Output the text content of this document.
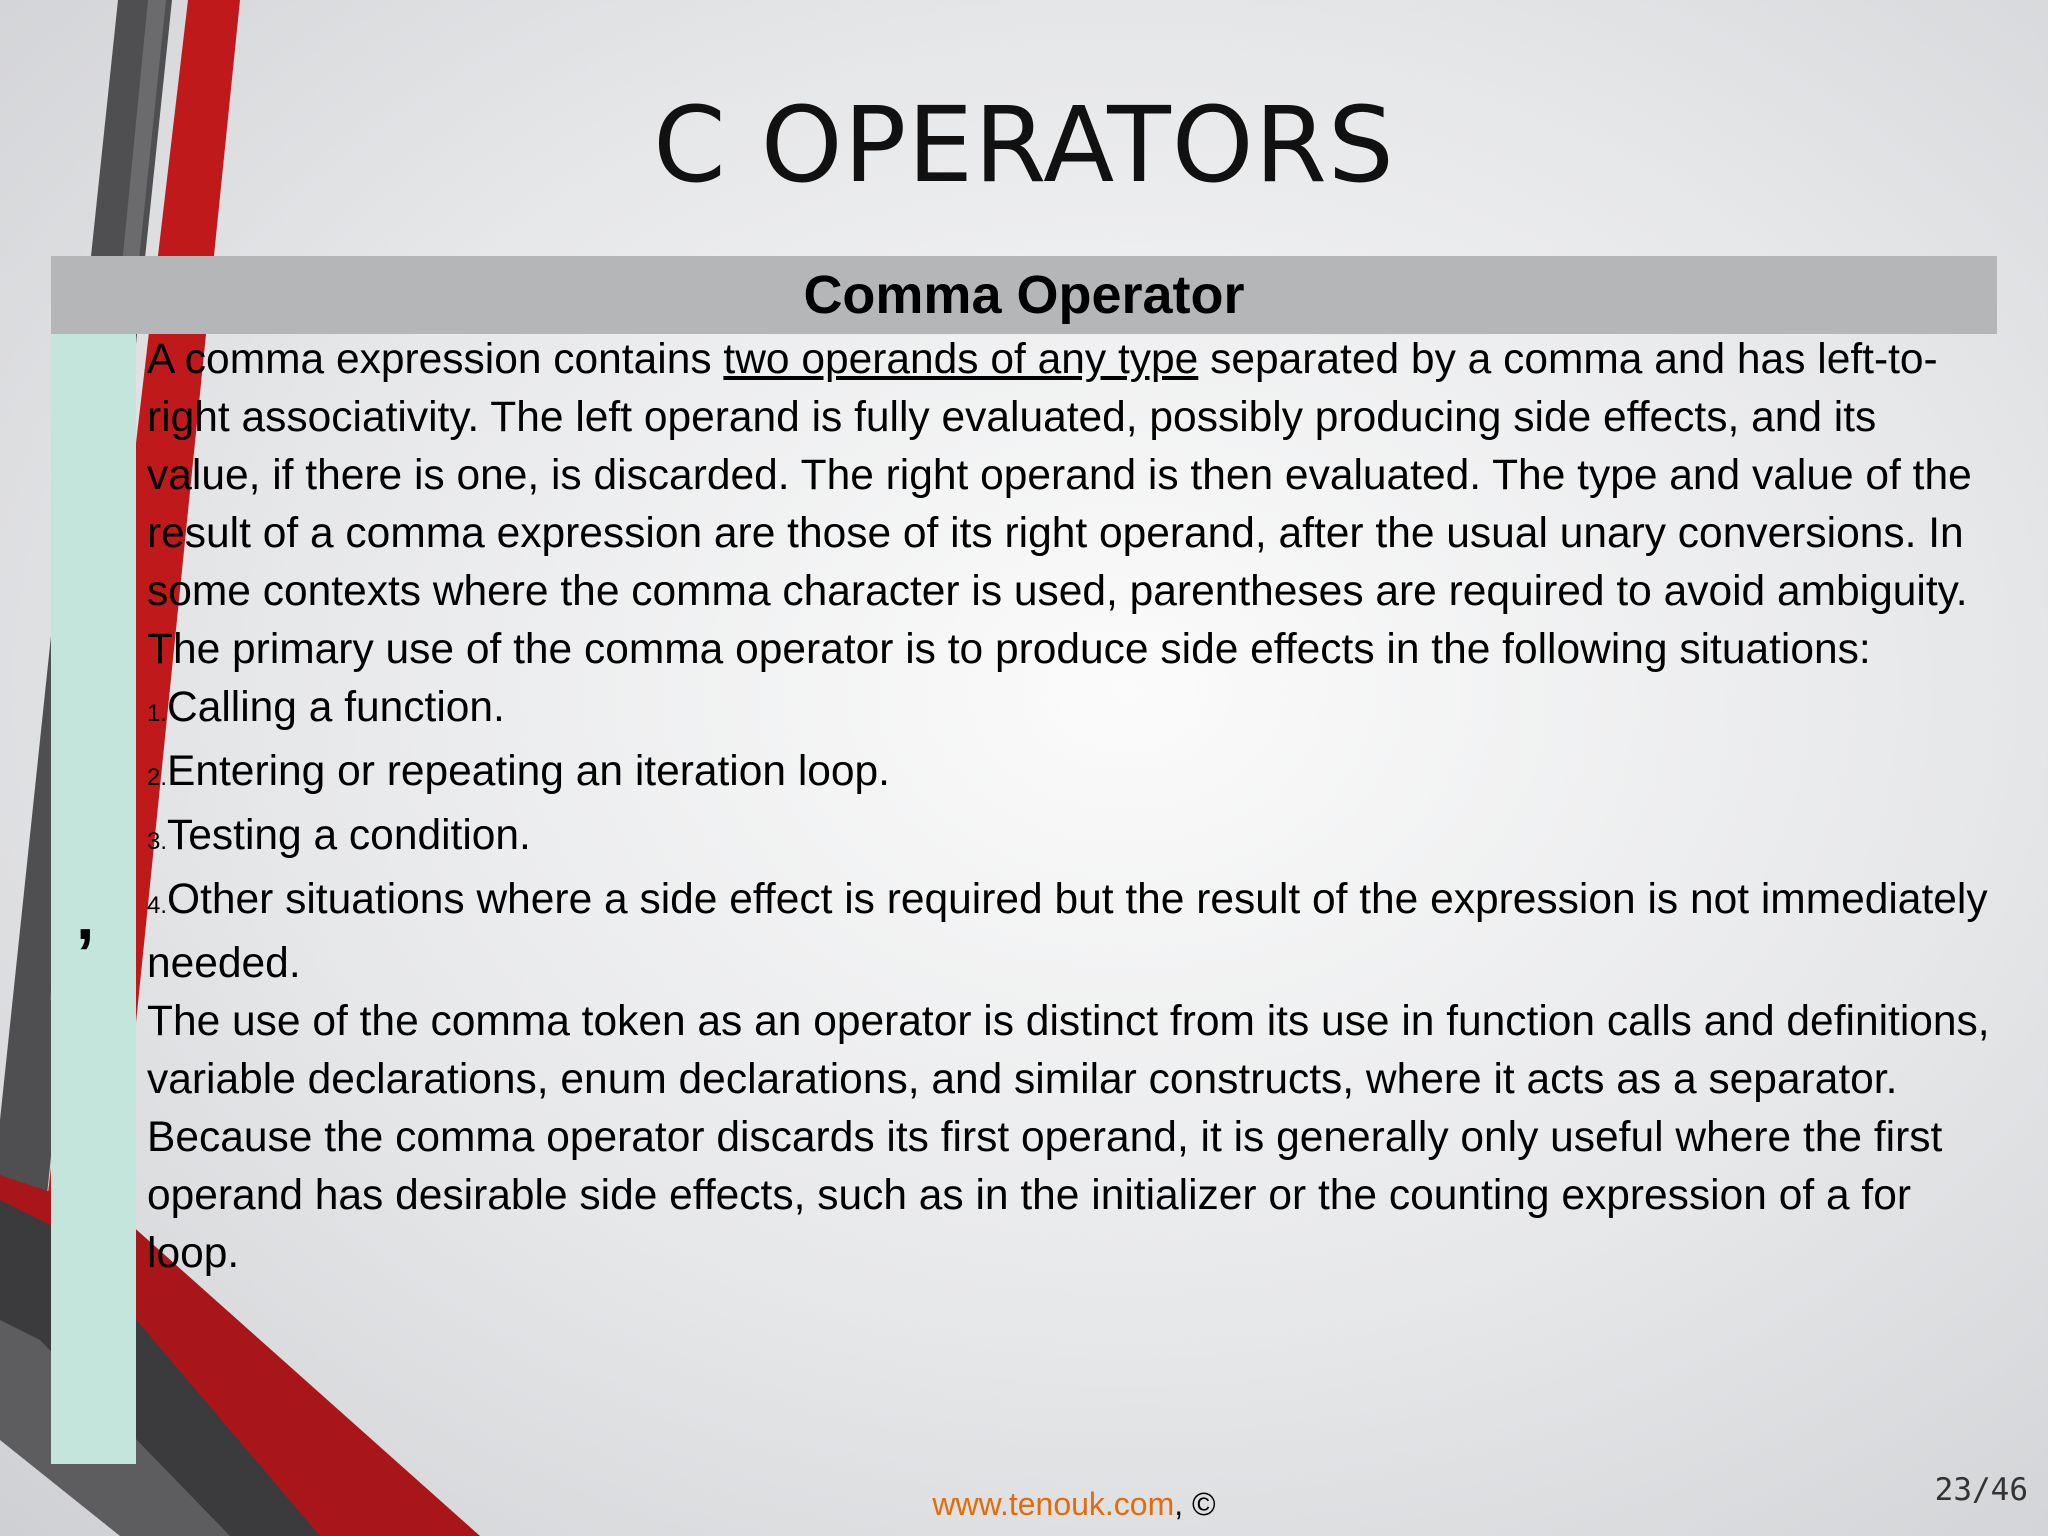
C OPERATORS
Comma Operator
,

A comma expression contains two operands of any type separated by a comma and has left-to-right associativity. The left operand is fully evaluated, possibly producing side effects, and its value, if there is one, is discarded. The right operand is then evaluated. The type and value of the result of a comma expression are those of its right operand, after the usual unary conversions. In some contexts where the comma character is used, parentheses are required to avoid ambiguity. The primary use of the comma operator is to produce side effects in the following situations:

1.Calling a function.

2.Entering or repeating an iteration loop.

3.Testing a condition.

4.Other situations where a side effect is required but the result of the expression is not immediately needed.

The use of the comma token as an operator is distinct from its use in function calls and definitions, variable declarations, enum declarations, and similar constructs, where it acts as a separator.

Because the comma operator discards its first operand, it is generally only useful where the first operand has desirable side effects, such as in the initializer or the counting expression of a for loop.

www.tenouk.com, ©	23/46
